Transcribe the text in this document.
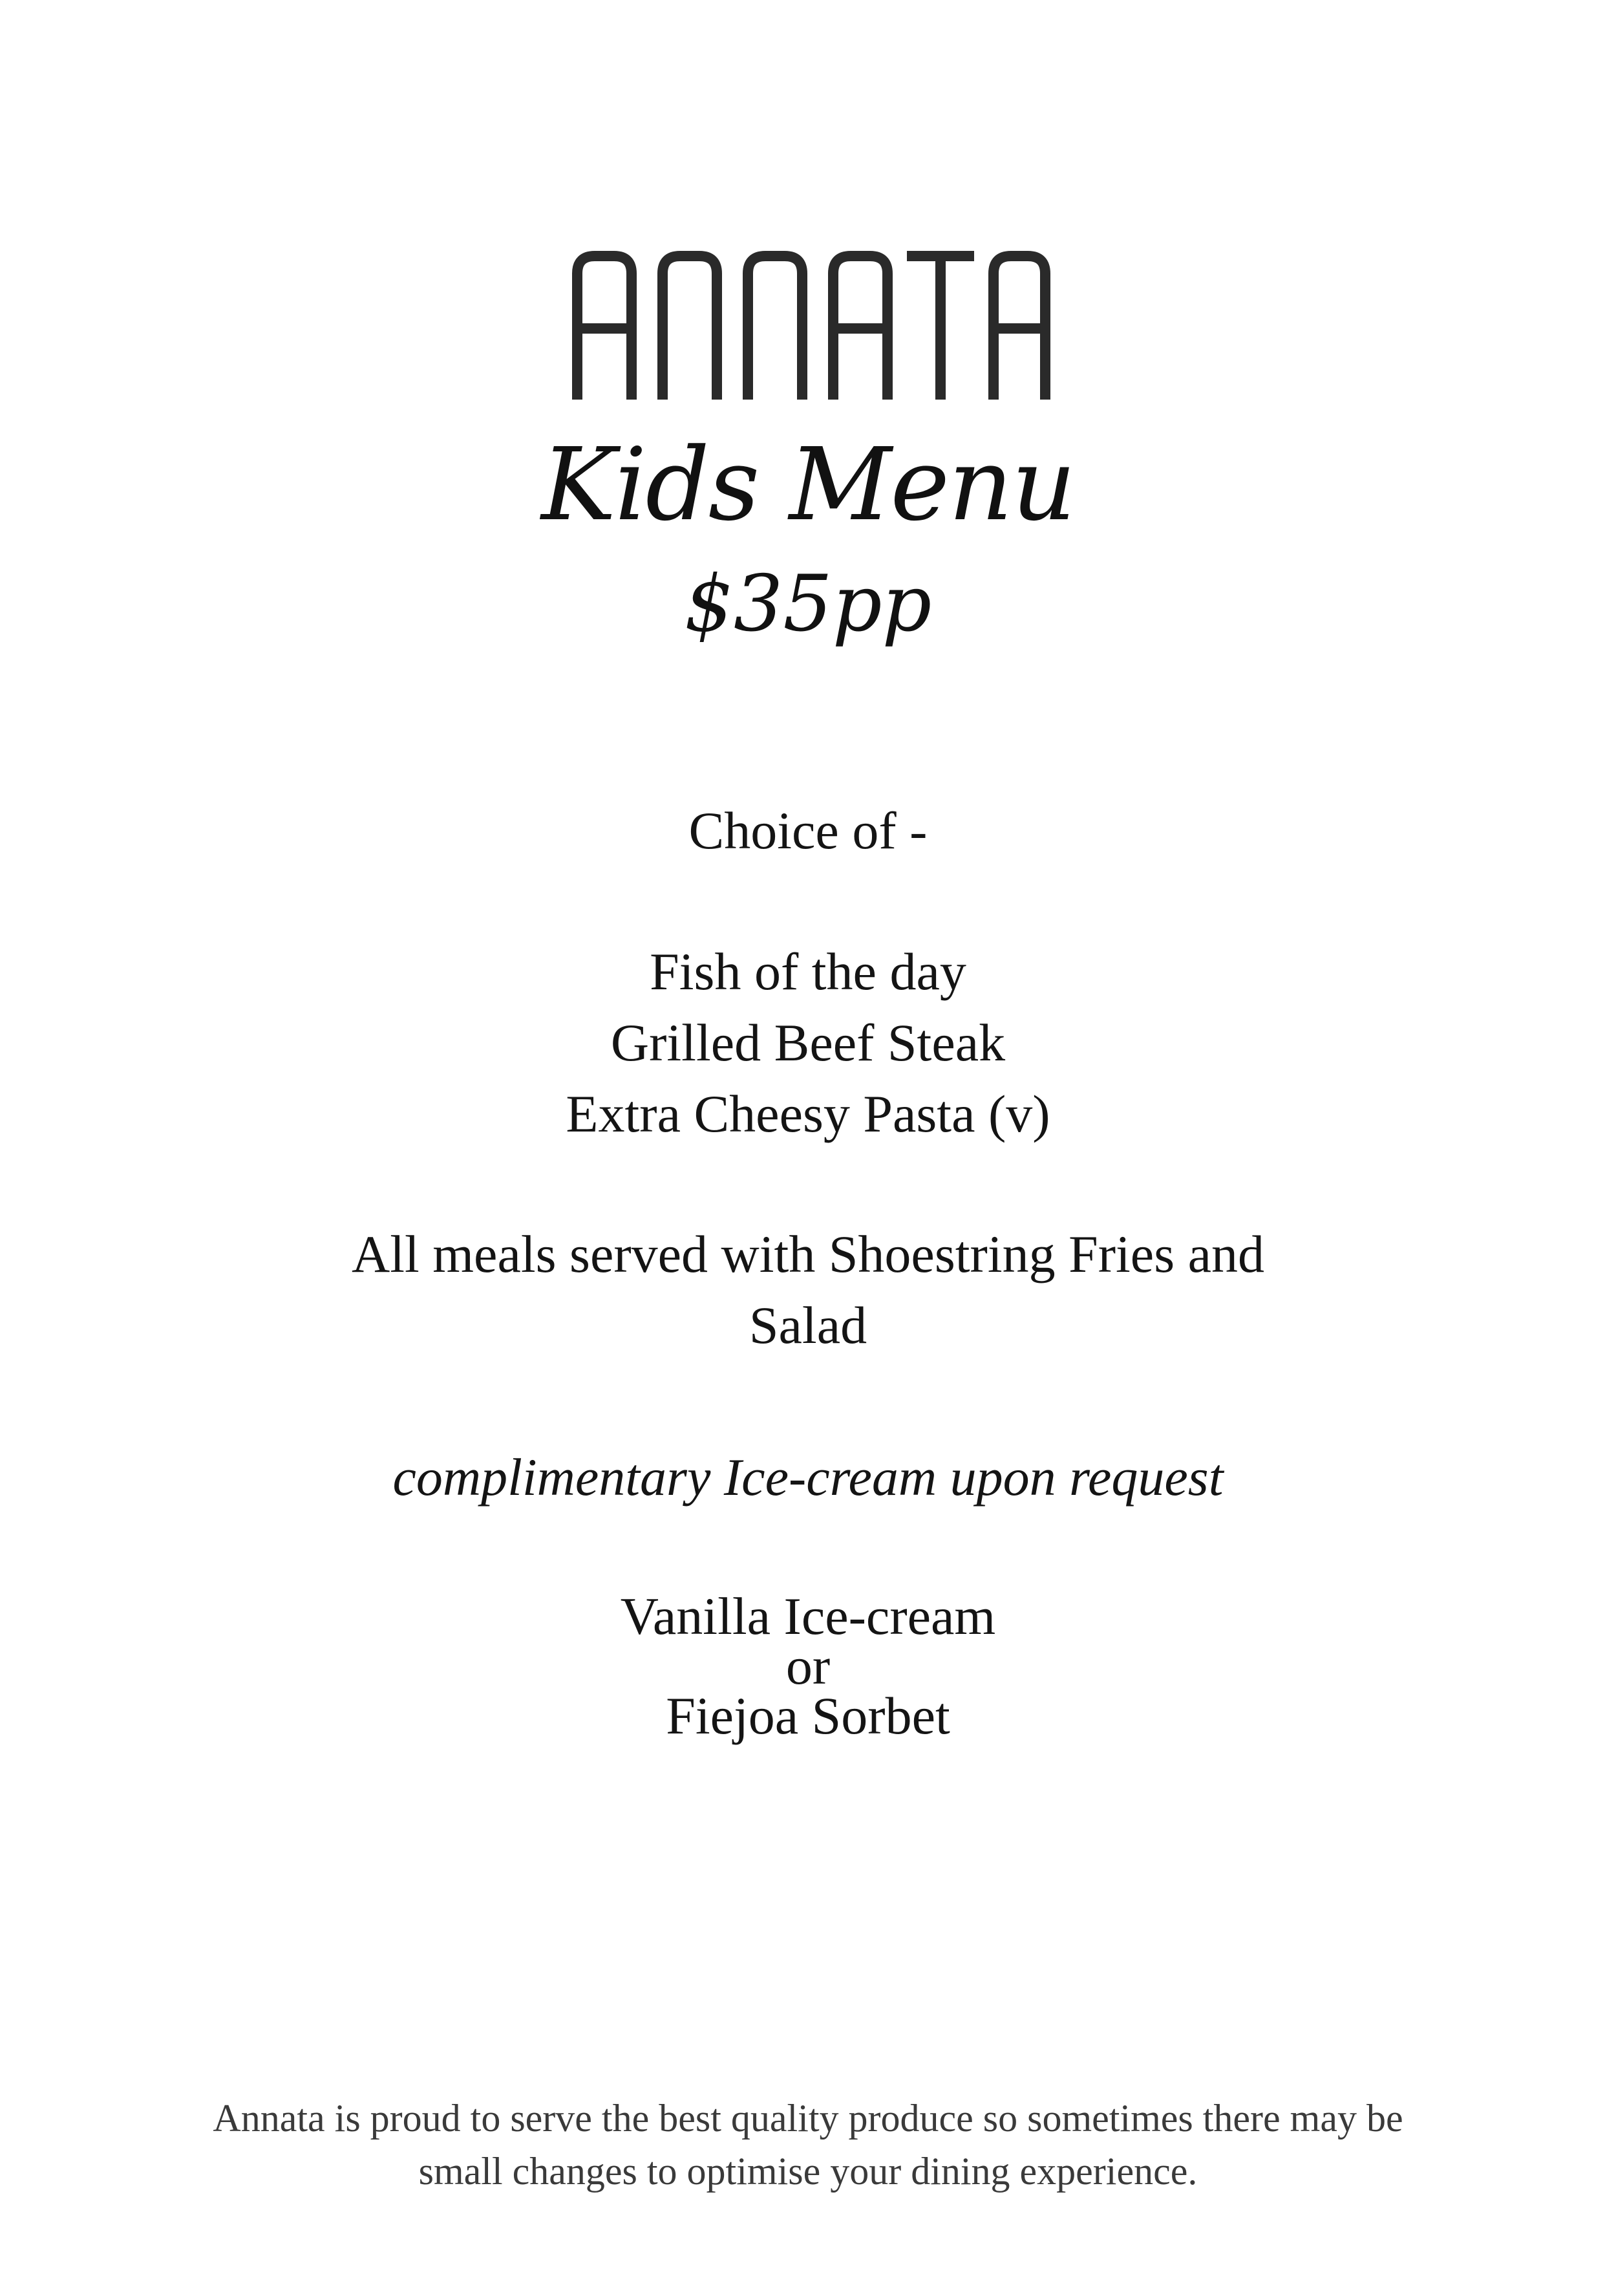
Kids Menu
$35pp
Choice of -
Fish of the day
Grilled Beef Steak
Extra Cheesy Pasta (v)
All meals served with Shoestring Fries and
Salad
complimentary Ice-cream upon request
Vanilla Ice-cream
or
Fiejoa Sorbet
Annata is proud to serve the best quality produce so sometimes there may be
small changes to optimise your dining experience.
